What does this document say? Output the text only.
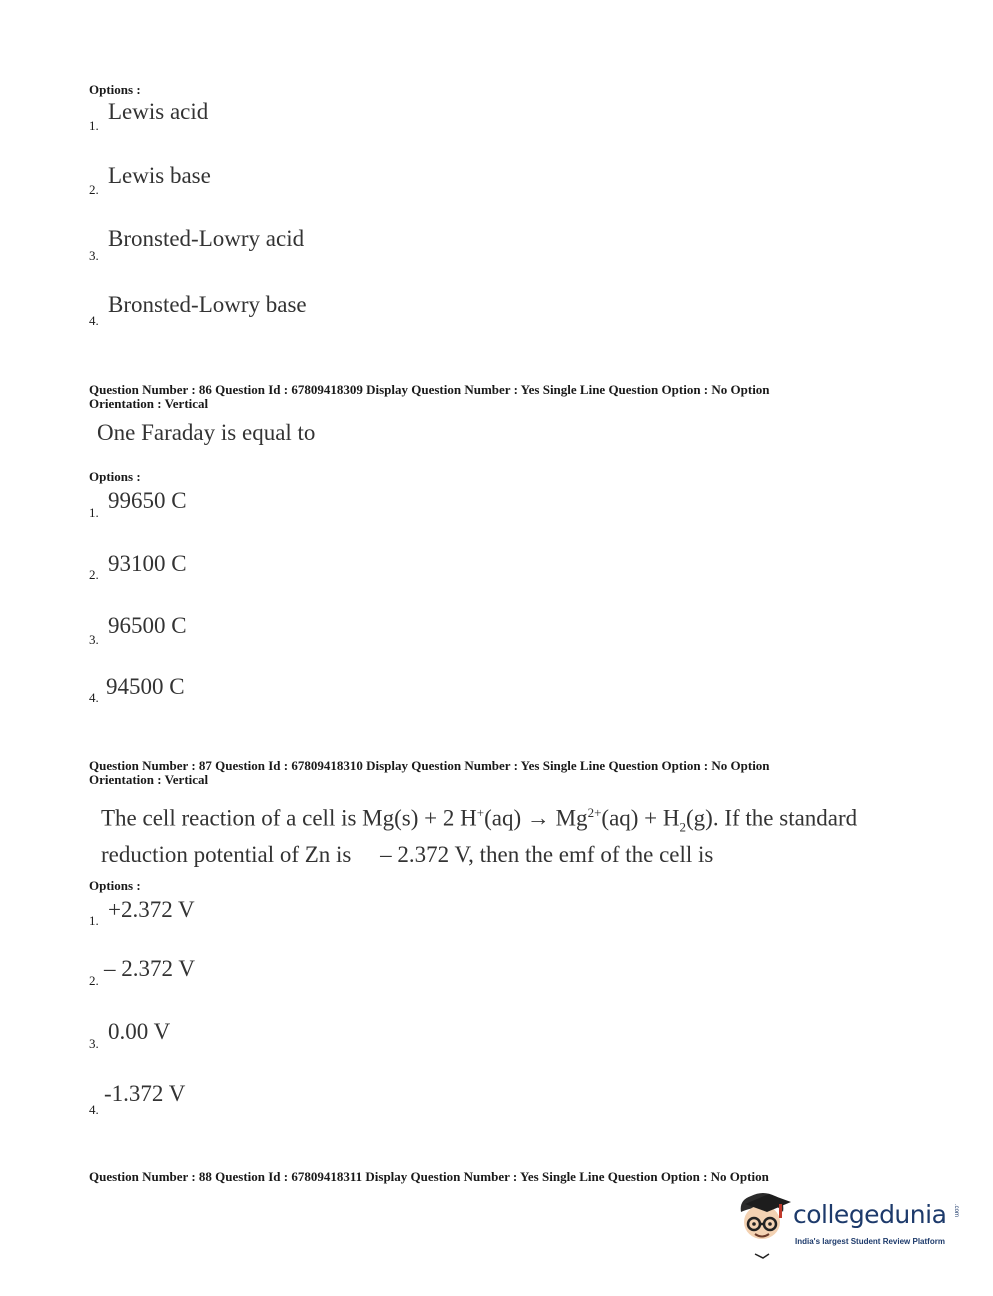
Options :
1.
Lewis acid
2.
Lewis base
3.
Bronsted-Lowry acid
4.
Bronsted-Lowry base
Question Number : 86 Question Id : 67809418309 Display Question Number : Yes Single Line Question Option : No Option
Orientation : Vertical
One Faraday is equal to
Options :
1. 99650 C
2. 93100 C
3.
96500 C
4. 94500 C
Question Number : 87 Question Id : 67809418310 Display Question Number : Yes Single Line Question Option : No Option
Orientation : Vertical
The cell reaction of a cell is Mg(s) + 2 $H^+(aq) \to Mg^{2+}(aq) + H_2(g)$. If the standard
reduction potential of Zn is     – 2.372 V, then the emf of the cell is
Options :
1. +2.372 V
2. – 2.372 V
3. 0.00 V
4.
-1.372 V
Question Number : 88 Question Id : 67809418311 Display Question Number : Yes Single Line Question Option : No Option
collegedunia .com
India's largest Student Review Platform
